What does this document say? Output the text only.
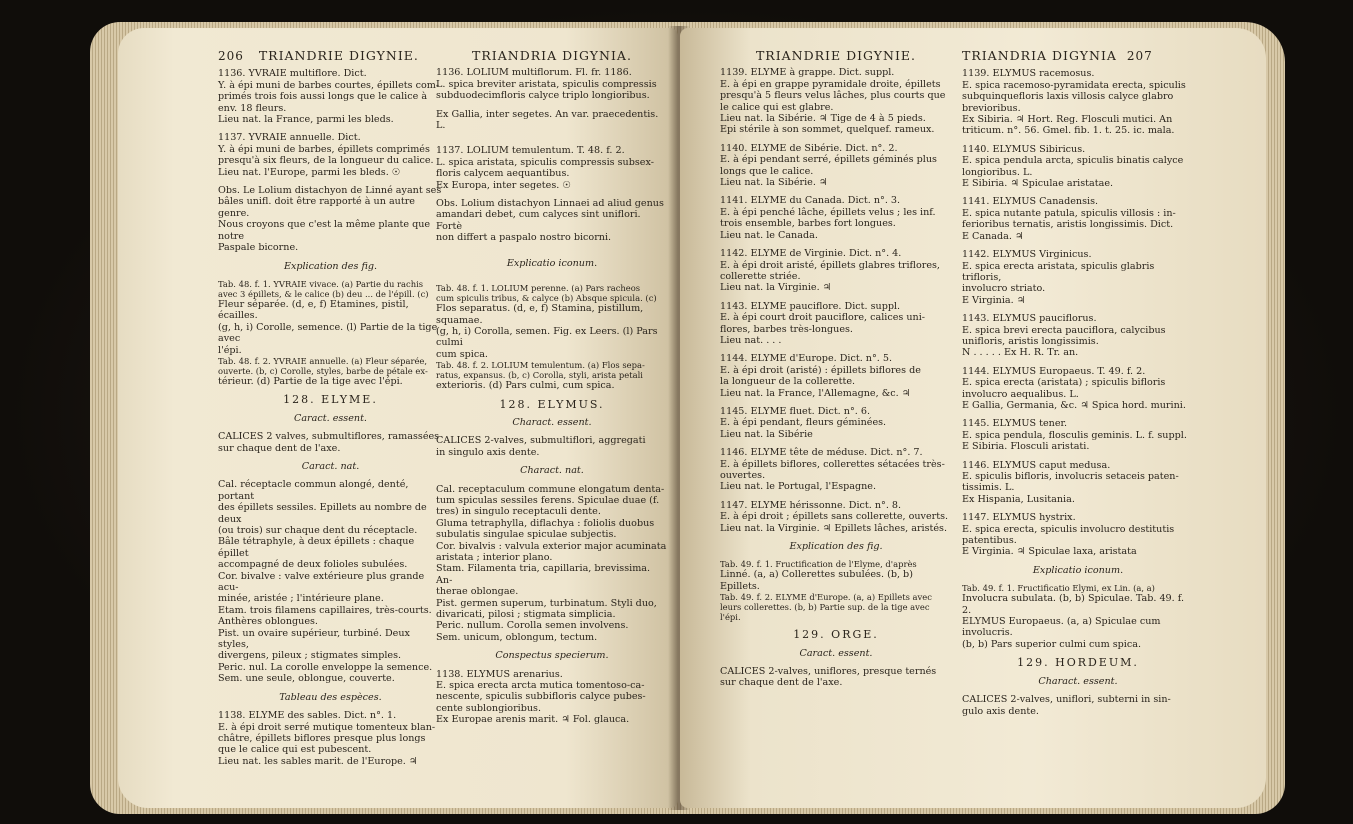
206 TRIANDRIE DIGYNIE.

1136. YVRAIE multiflore. Dict.

Y. à épi muni de barbes courtes, épillets com-

primés trois fois aussi longs que le calice à

env. 18 fleurs.

Lieu nat. la France, parmi les bleds.

1137. YVRAIE annuelle. Dict.

Y. à épi muni de barbes, épillets comprimés

presqu'à six fleurs, de la longueur du calice.

Lieu nat. l'Europe, parmi les bleds. ☉

Obs. Le Lolium distachyon de Linné ayant ses

bâles unifl. doit être rapporté à un autre genre.

Nous croyons que c'est la même plante que notre

Paspale bicorne.

Explication des fig.

Tab. 48. f. 1. YVRAIE vivace. (a) Partie du rachis

avec 3 épillets, & le calice (b) deu ... de l'épill. (c)

Fleur séparée. (d, e, f) Etamines, pistil, écailles.

(g, h, i) Corolle, semence. (l) Partie de la tige avec

l'épi.

Tab. 48. f. 2. YVRAIE annuelle. (a) Fleur séparée,

ouverte. (b, c) Corolle, styles, barbe de pétale ex-

térieur. (d) Partie de la tige avec l'épi.

128. ELYME.

Caract. essent.

CALICES 2 valves, submultiflores, ramassées

sur chaque dent de l'axe.

Caract. nat.

Cal. réceptacle commun alongé, denté, portant

des épillets sessiles. Epillets au nombre de deux

(ou trois) sur chaque dent du réceptacle.

Bâle tétraphyle, à deux épillets : chaque épillet

accompagné de deux folioles subulées.

Cor. bivalve : valve extérieure plus grande acu-

minée, aristée ; l'intérieure plane.

Etam. trois filamens capillaires, très-courts.

Anthères oblongues.

Pist. un ovaire supérieur, turbiné. Deux styles,

divergens, pileux ; stigmates simples.

Peric. nul. La corolle enveloppe la semence.

Sem. une seule, oblongue, couverte.

Tableau des espèces.

1138. ELYME des sables. Dict. n°. 1.

E. à épi droit serré mutique tomenteux blan-

châtre, épillets biflores presque plus longs

que le calice qui est pubescent.

Lieu nat. les sables marit. de l'Europe. ♃

TRIANDRIA DIGYNIA.

1136. LOLIUM multiflorum. Fl. fr. 1186.

L. spica breviter aristata, spiculis compressis

subduodecimfloris calyce triplo longioribus.

Ex Gallia, inter segetes. An var. praecedentis. L.

1137. LOLIUM temulentum. T. 48. f. 2.

L. spica aristata, spiculis compressis subsex-

floris calycem aequantibus.

Ex Europa, inter segetes. ☉

Obs. Lolium distachyon Linnaei ad aliud genus

amandari debet, cum calyces sint uniflori. Fortè

non differt a paspalo nostro bicorni.

Explicatio iconum.

Tab. 48. f. 1. LOLIUM perenne. (a) Pars racheos

cum spiculis tribus, & calyce (b) Absque spicula. (c)

Flos separatus. (d, e, f) Stamina, pistillum, squamae.

(g, h, i) Corolla, semen. Fig. ex Leers. (l) Pars culmi

cum spica.

Tab. 48. f. 2. LOLIUM temulentum. (a) Flos sepa-

ratus, expansus. (b, c) Corolla, styli, arista petali

exterioris. (d) Pars culmi, cum spica.

128. ELYMUS.

Charact. essent.

CALICES 2-valves, submultiflori, aggregati

in singulo axis dente.

Charact. nat.

Cal. receptaculum commune elongatum denta-

tum spiculas sessiles ferens. Spiculae duae (f.

tres) in singulo receptaculi dente.

Gluma tetraphylla, diflachya : foliolis duobus

subulatis singulae spiculae subjectis.

Cor. bivalvis : valvula exterior major acuminata

aristata ; interior plano.

Stam. Filamenta tria, capillaria, brevissima. An-

therae oblongae.

Pist. germen superum, turbinatum. Styli duo,

divaricati, pilosi ; stigmata simplicia.

Peric. nullum. Corolla semen involvens.

Sem. unicum, oblongum, tectum.

Conspectus specierum.

1138. ELYMUS arenarius.

E. spica erecta arcta mutica tomentoso-ca-

nescente, spiculis subbifloris calyce pubes-

cente sublongioribus.

Ex Europae arenis marit. ♃ Fol. glauca.

TRIANDRIE DIGYNIE.

1139. ELYME à grappe. Dict. suppl.

E. à épi en grappe pyramidale droite, épillets

presqu'à 5 fleurs velus lâches, plus courts que

le calice qui est glabre.

Lieu nat. la Sibérie. ♃ Tige de 4 à 5 pieds.

Epi stérile à son sommet, quelquef. rameux.

1140. ELYME de Sibérie. Dict. n°. 2.

E. à épi pendant serré, épillets géminés plus

longs que le calice.

Lieu nat. la Sibérie. ♃

1141. ELYME du Canada. Dict. n°. 3.

E. à épi penché lâche, épillets velus ; les inf.

trois ensemble, barbes fort longues.

Lieu nat. le Canada.

1142. ELYME de Virginie. Dict. n°. 4.

E. à épi droit aristé, épillets glabres triflores,

collerette striée.

Lieu nat. la Virginie. ♃

1143. ELYME pauciflore. Dict. suppl.

E. à épi court droit pauciflore, calices uni-

flores, barbes très-longues.

Lieu nat. . . .

1144. ELYME d'Europe. Dict. n°. 5.

E. à épi droit (aristé) : épillets biflores de

la longueur de la collerette.

Lieu nat. la France, l'Allemagne, &c. ♃

1145. ELYME fluet. Dict. n°. 6.

E. à épi pendant, fleurs géminées.

Lieu nat. la Sibérie

1146. ELYME tête de méduse. Dict. n°. 7.

E. à épillets biflores, collerettes sétacées très-

ouvertes.

Lieu nat. le Portugal, l'Espagne.

1147. ELYME hérissonne. Dict. n°. 8.

E. à épi droit ; épillets sans collerette, ouverts.

Lieu nat. la Virginie. ♃ Epillets lâches, aristés.

Explication des fig.

Tab. 49. f. 1. Fructification de l'Elyme, d'après

Linné. (a, a) Collerettes subulées. (b, b) Epillets.

Tab. 49. f. 2. ELYME d'Europe. (a, a) Epillets avec

leurs collerettes. (b, b) Partie sup. de la tige avec l'épi.

129. ORGE.

Caract. essent.

CALICES 2-valves, uniflores, presque ternés

sur chaque dent de l'axe.

TRIANDRIA DIGYNIA 207

1139. ELYMUS racemosus.

E. spica racemoso-pyramidata erecta, spiculis

subquinquefloris laxis villosis calyce glabro

brevioribus.

Ex Sibiria. ♃ Hort. Reg. Flosculi mutici. An

triticum. n°. 56. Gmel. fib. 1. t. 25. ic. mala.

1140. ELYMUS Sibiricus.

E. spica pendula arcta, spiculis binatis calyce

longioribus. L.

E Sibiria. ♃ Spiculae aristatae.

1141. ELYMUS Canadensis.

E. spica nutante patula, spiculis villosis : in-

ferioribus ternatis, aristis longissimis. Dict.

E Canada. ♃

1142. ELYMUS Virginicus.

E. spica erecta aristata, spiculis glabris trifloris,

involucro striato.

E Virginia. ♃

1143. ELYMUS pauciflorus.

E. spica brevi erecta pauciflora, calycibus

unifloris, aristis longissimis.

N . . . . . Ex H. R. Tr. an.

1144. ELYMUS Europaeus. T. 49. f. 2.

E. spica erecta (aristata) ; spiculis bifloris

involucro aequalibus. L.

E Gallia, Germania, &c. ♃ Spica hord. murini.

1145. ELYMUS tener.

E. spica pendula, flosculis geminis. L. f. suppl.

E Sibiria. Flosculi aristati.

1146. ELYMUS caput medusa.

E. spiculis bifloris, involucris setaceis paten-

tissimis. L.

Ex Hispania, Lusitania.

1147. ELYMUS hystrix.

E. spica erecta, spiculis involucro destitutis

patentibus.

E Virginia. ♃ Spiculae laxa, aristata

Explicatio iconum.

Tab. 49. f. 1. Fructificatio Elymi, ex Lin. (a, a)

Involucra subulata. (b, b) Spiculae. Tab. 49. f. 2.

ELYMUS Europaeus. (a, a) Spiculae cum involucris.

(b, b) Pars superior culmi cum spica.

129. HORDEUM.

Charact. essent.

CALICES 2-valves, uniflori, subterni in sin-

gulo axis dente.
